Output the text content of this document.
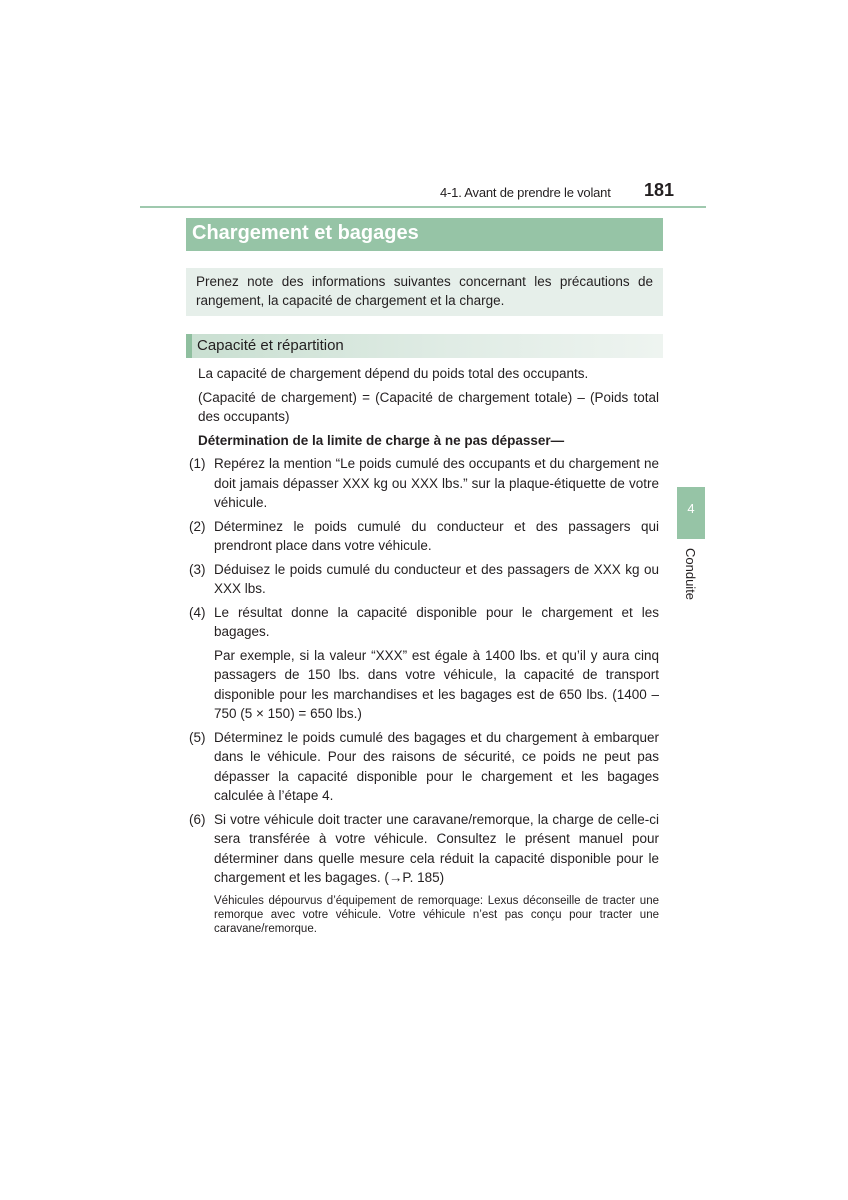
4-1. Avant de prendre le volant 181
Chargement et bagages
Prenez note des informations suivantes concernant les précautions de rangement, la capacité de chargement et la charge.
Capacité et répartition

La capacité de chargement dépend du poids total des occupants.

(Capacité de chargement) = (Capacité de chargement totale) – (Poids total des occupants)

Détermination de la limite de charge à ne pas dépasser—

(1) Repérez la mention “Le poids cumulé des occupants et du chargement ne doit jamais dépasser XXX kg ou XXX lbs.” sur la plaque-étiquette de votre véhicule.
(2) Déterminez le poids cumulé du conducteur et des passagers qui prendront place dans votre véhicule.
(3) Déduisez le poids cumulé du conducteur et des passagers de XXX kg ou XXX lbs.
(4) Le résultat donne la capacité disponible pour le chargement et les bagages.

Par exemple, si la valeur “XXX” est égale à 1400 lbs. et qu’il y aura cinq passagers de 150 lbs. dans votre véhicule, la capacité de transport disponible pour les marchandises et les bagages est de 650 lbs. (1400 – 750 (5 × 150) = 650 lbs.)

(5) Déterminez le poids cumulé des bagages et du chargement à embarquer dans le véhicule. Pour des raisons de sécurité, ce poids ne peut pas dépasser la capacité disponible pour le chargement et les bagages calculée à l’étape 4.
(6) Si votre véhicule doit tracter une caravane/remorque, la charge de celle-ci sera transférée à votre véhicule. Consultez le présent manuel pour déterminer dans quelle mesure cela réduit la capacité disponible pour le chargement et les bagages. (→P. 185)

Véhicules dépourvus d’équipement de remorquage: Lexus déconseille de tracter une remorque avec votre véhicule. Votre véhicule n’est pas conçu pour tracter une caravane/remorque.

4
Conduite
